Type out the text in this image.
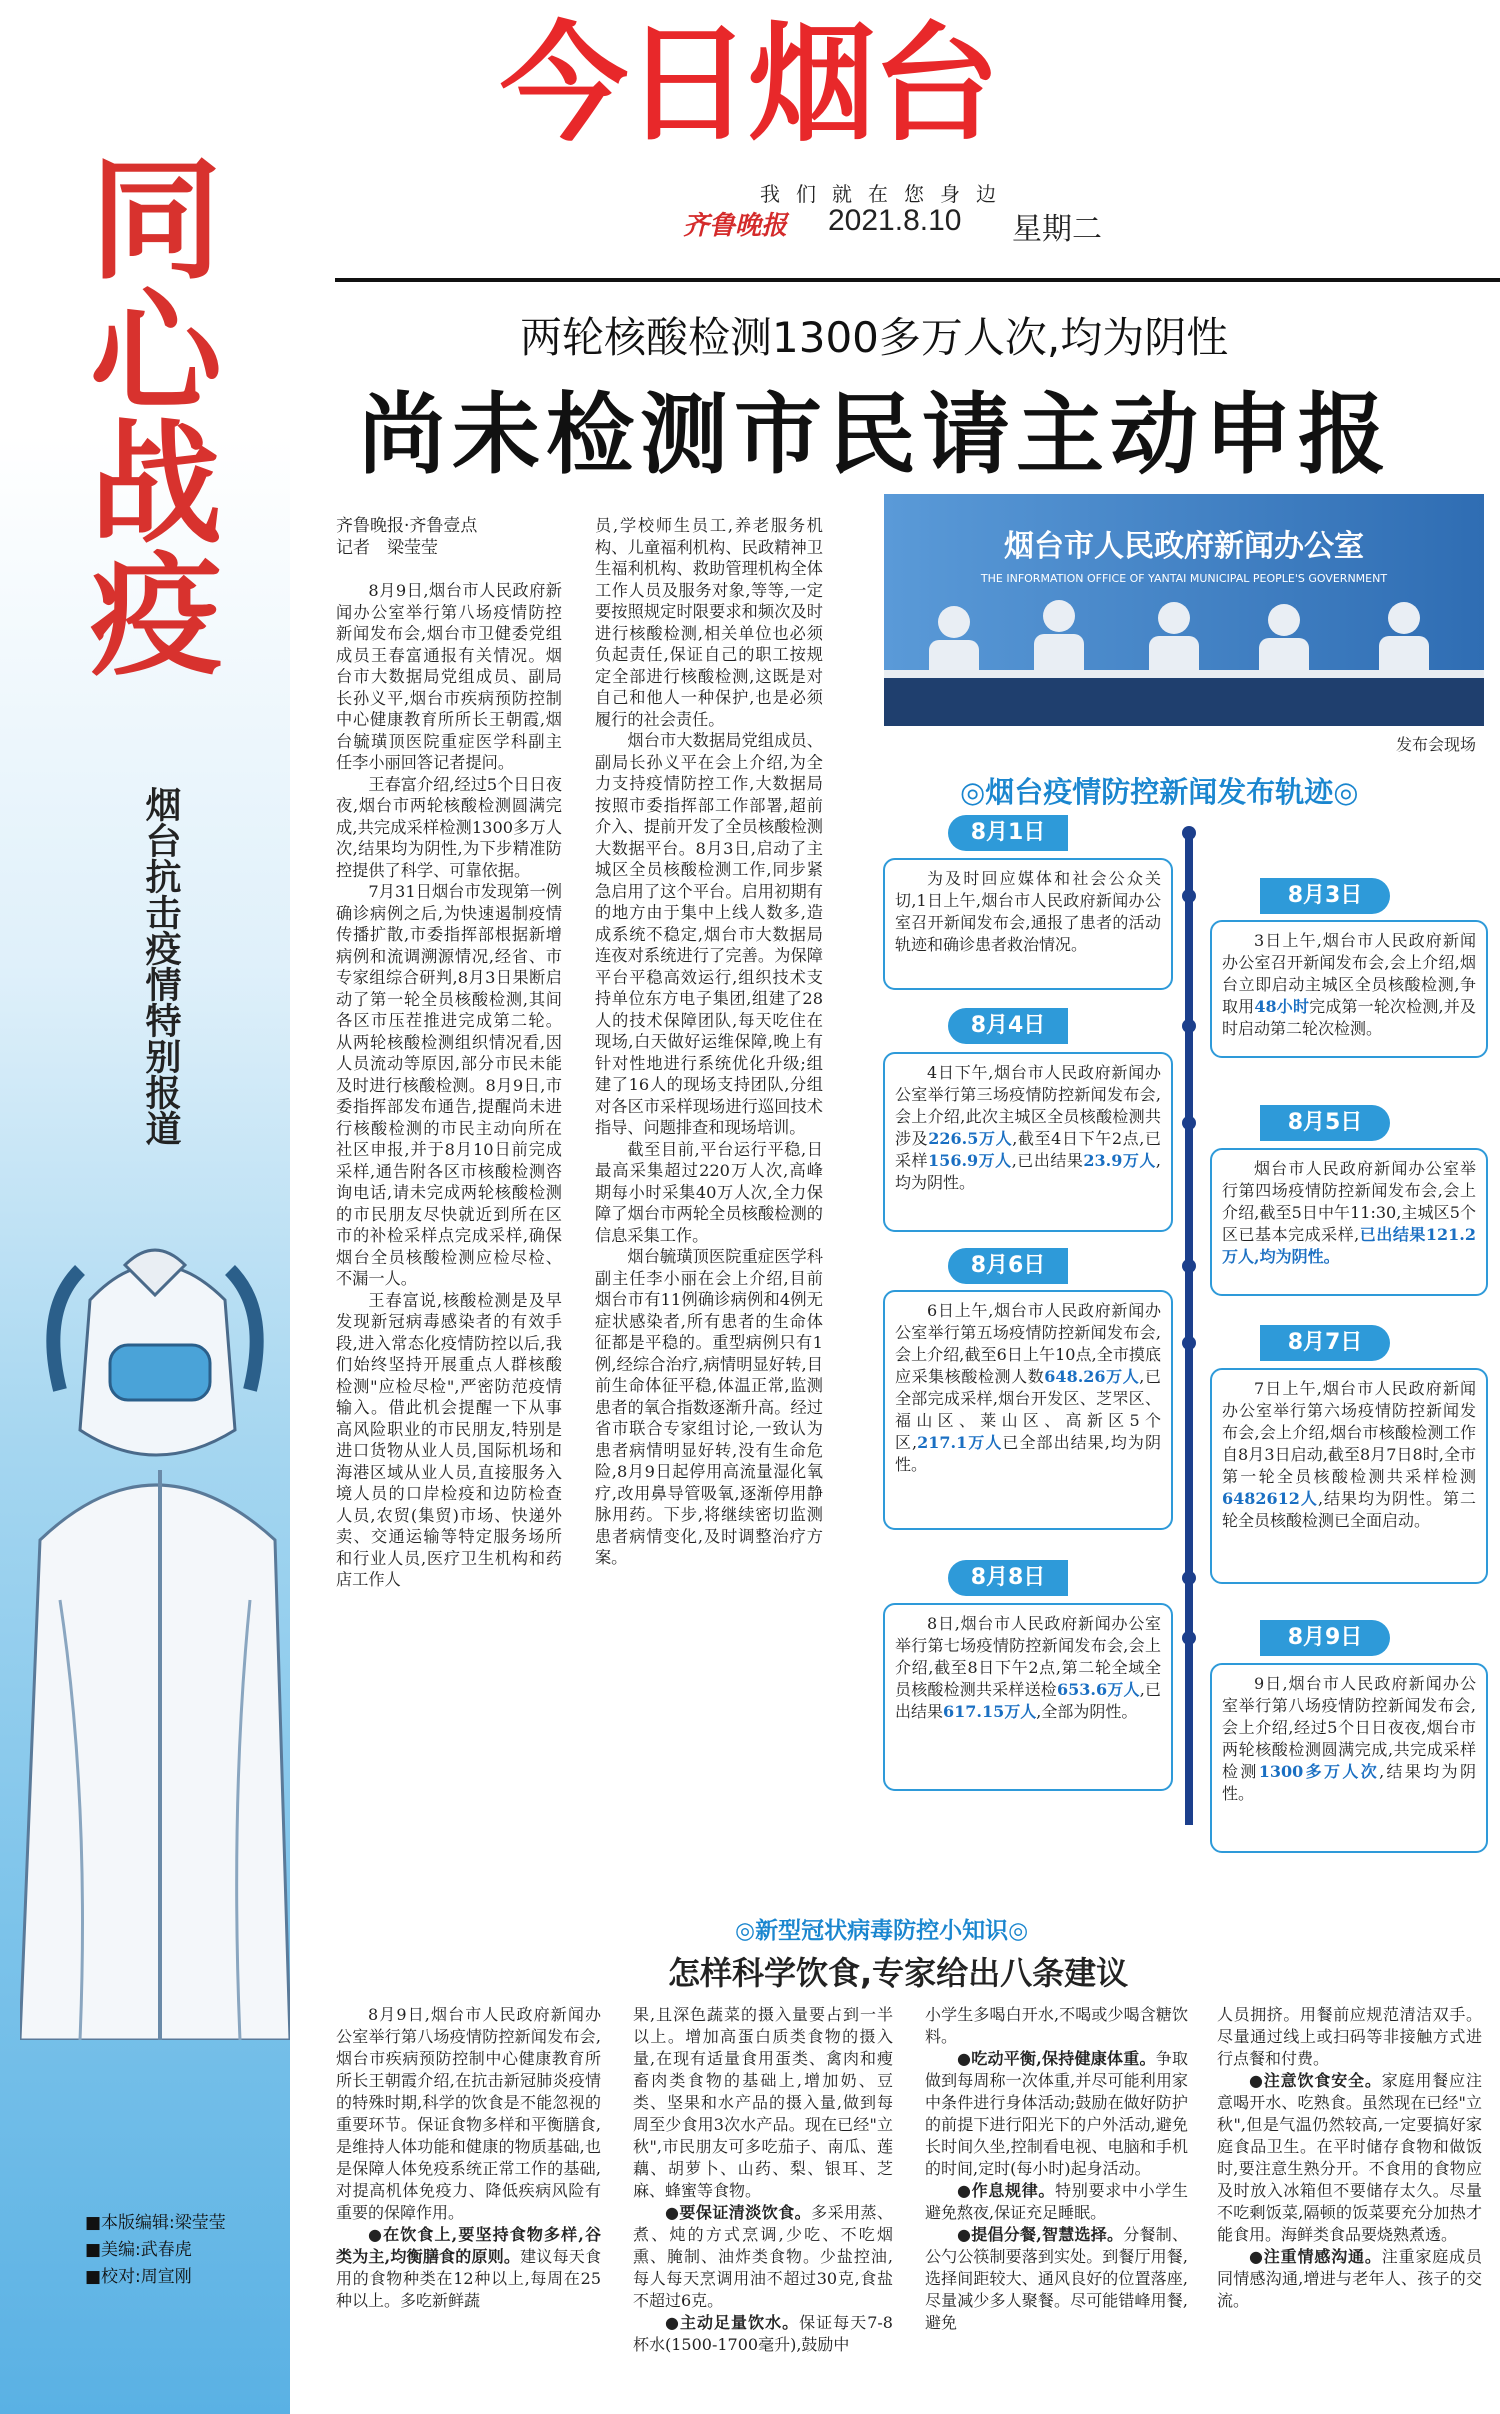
同心战疫
烟台抗击疫情特别报道
■本版编辑:梁莹莹
■美编:武春虎
■校对:周宣刚
今日烟台
我们就在您身边
齐鲁晚报 2021.8.10 星期二
两轮核酸检测1300多万人次,均为阴性
尚未检测市民请主动申报
齐鲁晚报·齐鲁壹点
记者　梁莹莹

8月9日,烟台市人民政府新闻办公室举行第八场疫情防控新闻发布会,烟台市卫健委党组成员王春富通报有关情况。烟台市大数据局党组成员、副局长孙义平,烟台市疾病预防控制中心健康教育所所长王朝霞,烟台毓璜顶医院重症医学科副主任李小丽回答记者提问。

王春富介绍,经过5个日日夜夜,烟台市两轮核酸检测圆满完成,共完成采样检测1300多万人次,结果均为阴性,为下步精准防控提供了科学、可靠依据。

7月31日烟台市发现第一例确诊病例之后,为快速遏制疫情传播扩散,市委指挥部根据新增病例和流调溯源情况,经省、市专家组综合研判,8月3日果断启动了第一轮全员核酸检测,其间各区市压茬推进完成第二轮。从两轮核酸检测组织情况看,因人员流动等原因,部分市民未能及时进行核酸检测。8月9日,市委指挥部发布通告,提醒尚未进行核酸检测的市民主动向所在社区申报,并于8月10日前完成采样,通告附各区市核酸检测咨询电话,请未完成两轮核酸检测的市民朋友尽快就近到所在区市的补检采样点完成采样,确保烟台全员核酸检测应检尽检、不漏一人。

王春富说,核酸检测是及早发现新冠病毒感染者的有效手段,进入常态化疫情防控以后,我们始终坚持开展重点人群核酸检测"应检尽检",严密防范疫情输入。借此机会提醒一下从事高风险职业的市民朋友,特别是进口货物从业人员,国际机场和海港区域从业人员,直接服务入境人员的口岸检疫和边防检查人员,农贸(集贸)市场、快递外卖、交通运输等特定服务场所和行业人员,医疗卫生机构和药店工作人

员,学校师生员工,养老服务机构、儿童福利机构、民政精神卫生福利机构、救助管理机构全体工作人员及服务对象,等等,一定要按照规定时限要求和频次及时进行核酸检测,相关单位也必须负起责任,保证自己的职工按规定全部进行核酸检测,这既是对自己和他人一种保护,也是必须履行的社会责任。

烟台市大数据局党组成员、副局长孙义平在会上介绍,为全力支持疫情防控工作,大数据局按照市委指挥部工作部署,超前介入、提前开发了全员核酸检测大数据平台。8月3日,启动了主城区全员核酸检测工作,同步紧急启用了这个平台。启用初期有的地方由于集中上线人数多,造成系统不稳定,烟台市大数据局连夜对系统进行了完善。为保障平台平稳高效运行,组织技术支持单位东方电子集团,组建了28人的技术保障团队,每天吃住在现场,白天做好运维保障,晚上有针对性地进行系统优化升级;组建了16人的现场支持团队,分组对各区市采样现场进行巡回技术指导、问题排查和现场培训。

截至目前,平台运行平稳,日最高采集超过220万人次,高峰期每小时采集40万人次,全力保障了烟台市两轮全员核酸检测的信息采集工作。

烟台毓璜顶医院重症医学科副主任李小丽在会上介绍,目前烟台市有11例确诊病例和4例无症状感染者,所有患者的生命体征都是平稳的。重型病例只有1例,经综合治疗,病情明显好转,目前生命体征平稳,体温正常,监测患者的氧合指数逐渐升高。经过省市联合专家组讨论,一致认为患者病情明显好转,没有生命危险,8月9日起停用高流量湿化氧疗,改用鼻导管吸氧,逐渐停用静脉用药。下步,将继续密切监测患者病情变化,及时调整治疗方案。

烟台市人民政府新闻办公室
THE INFORMATION OFFICE OF YANTAI MUNICIPAL PEOPLE'S GOVERNMENT
发布会现场
◎烟台疫情防控新闻发布轨迹◎
8月1日

为及时回应媒体和社会公众关切,1日上午,烟台市人民政府新闻办公室召开新闻发布会,通报了患者的活动轨迹和确诊患者救治情况。

8月3日

3日上午,烟台市人民政府新闻办公室召开新闻发布会,会上介绍,烟台立即启动主城区全员核酸检测,争取用48小时完成第一轮次检测,并及时启动第二轮次检测。

8月4日

4日下午,烟台市人民政府新闻办公室举行第三场疫情防控新闻发布会,会上介绍,此次主城区全员核酸检测共涉及226.5万人,截至4日下午2点,已采样156.9万人,已出结果23.9万人,均为阴性。

8月5日

烟台市人民政府新闻办公室举行第四场疫情防控新闻发布会,会上介绍,截至5日中午11:30,主城区5个区已基本完成采样,已出结果121.2万人,均为阴性。

8月6日

6日上午,烟台市人民政府新闻办公室举行第五场疫情防控新闻发布会,会上介绍,截至6日上午10点,全市摸底应采集核酸检测人数648.26万人,已全部完成采样,烟台开发区、芝罘区、福山区、莱山区、高新区5个区,217.1万人已全部出结果,均为阴性。

8月7日

7日上午,烟台市人民政府新闻办公室举行第六场疫情防控新闻发布会,会上介绍,烟台市核酸检测工作自8月3日启动,截至8月7日8时,全市第一轮全员核酸检测共采样检测6482612人,结果均为阴性。第二轮全员核酸检测已全面启动。

8月8日

8日,烟台市人民政府新闻办公室举行第七场疫情防控新闻发布会,会上介绍,截至8日下午2点,第二轮全域全员核酸检测共采样送检653.6万人,已出结果617.15万人,全部为阴性。

8月9日

9日,烟台市人民政府新闻办公室举行第八场疫情防控新闻发布会,会上介绍,经过5个日日夜夜,烟台市两轮核酸检测圆满完成,共完成采样检测1300多万人次,结果均为阴性。

◎新型冠状病毒防控小知识◎
怎样科学饮食,专家给出八条建议

8月9日,烟台市人民政府新闻办公室举行第八场疫情防控新闻发布会,烟台市疾病预防控制中心健康教育所所长王朝霞介绍,在抗击新冠肺炎疫情的特殊时期,科学的饮食是不能忽视的重要环节。保证食物多样和平衡膳食,是维持人体功能和健康的物质基础,也是保障人体免疫系统正常工作的基础,对提高机体免疫力、降低疾病风险有重要的保障作用。

●在饮食上,要坚持食物多样,谷类为主,均衡膳食的原则。建议每天食用的食物种类在12种以上,每周在25种以上。多吃新鲜蔬

果,且深色蔬菜的摄入量要占到一半以上。增加高蛋白质类食物的摄入量,在现有适量食用蛋类、禽肉和瘦畜肉类食物的基础上,增加奶、豆类、坚果和水产品的摄入量,做到每周至少食用3次水产品。现在已经"立秋",市民朋友可多吃茄子、南瓜、莲藕、胡萝卜、山药、梨、银耳、芝麻、蜂蜜等食物。

●要保证清淡饮食。多采用蒸、煮、炖的方式烹调,少吃、不吃烟熏、腌制、油炸类食物。少盐控油,每人每天烹调用油不超过30克,食盐不超过6克。

●主动足量饮水。保证每天7-8杯水(1500-1700毫升),鼓励中

小学生多喝白开水,不喝或少喝含糖饮料。

●吃动平衡,保持健康体重。争取做到每周称一次体重,并尽可能利用家中条件进行身体活动;鼓励在做好防护的前提下进行阳光下的户外活动,避免长时间久坐,控制看电视、电脑和手机的时间,定时(每小时)起身活动。

●作息规律。特别要求中小学生避免熬夜,保证充足睡眠。

●提倡分餐,智慧选择。分餐制、公勺公筷制要落到实处。到餐厅用餐,选择间距较大、通风良好的位置落座,尽量减少多人聚餐。尽可能错峰用餐,避免

人员拥挤。用餐前应规范清洁双手。尽量通过线上或扫码等非接触方式进行点餐和付费。

●注意饮食安全。家庭用餐应注意喝开水、吃熟食。虽然现在已经"立秋",但是气温仍然较高,一定要搞好家庭食品卫生。在平时储存食物和做饭时,要注意生熟分开。不食用的食物应及时放入冰箱但不要储存太久。尽量不吃剩饭菜,隔顿的饭菜要充分加热才能食用。海鲜类食品要烧熟煮透。

●注重情感沟通。注重家庭成员同情感沟通,增进与老年人、孩子的交流。
